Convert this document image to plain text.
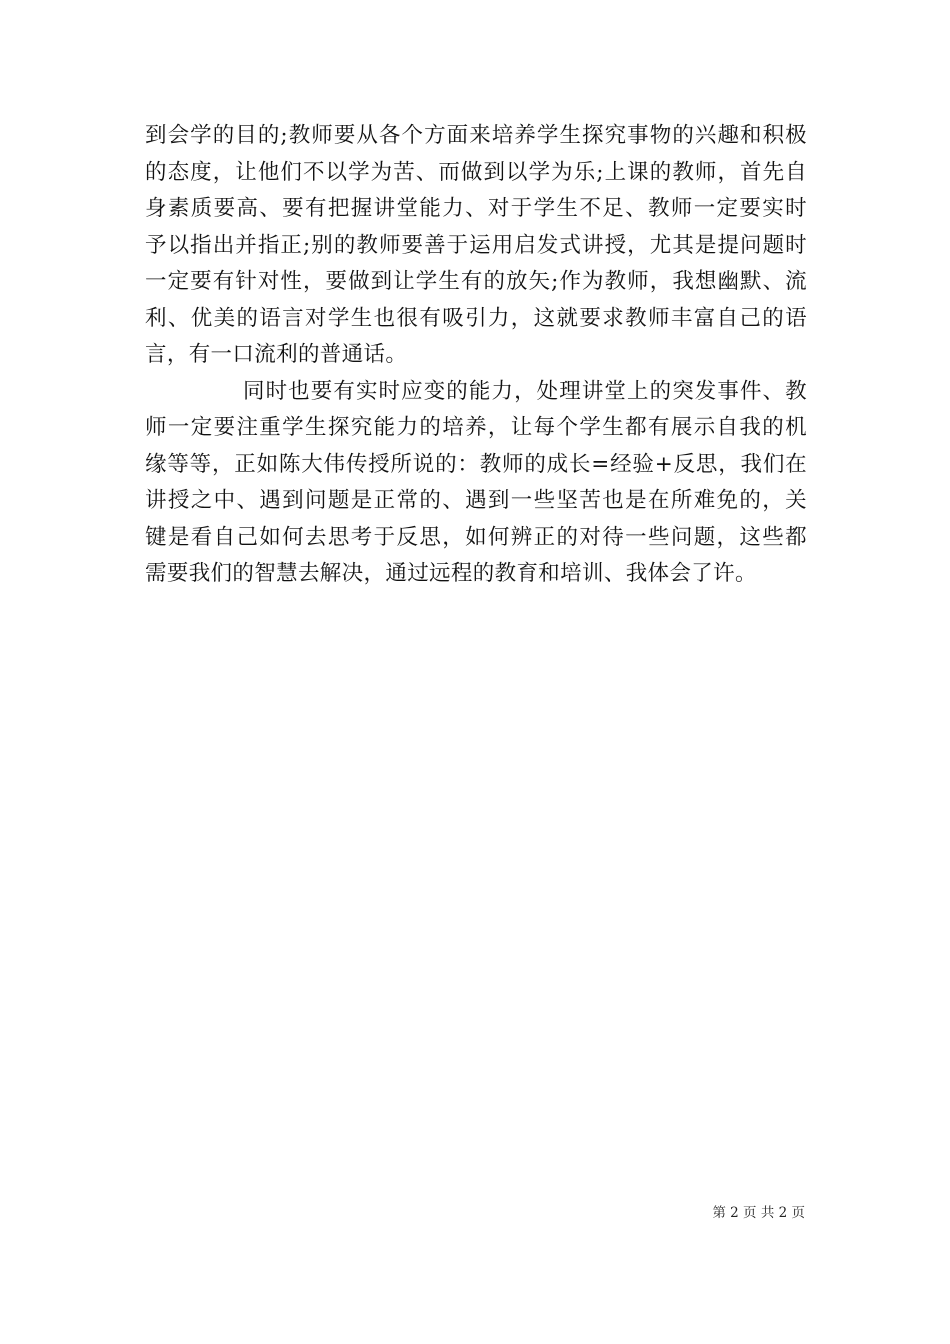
到会学的目的;教师要从各个方面来培养学生探究事物的兴趣和积极
的态度，让他们不以学为苦、而做到以学为乐;上课的教师，首先自
身素质要高、要有把握讲堂能力、对于学生不足、教师一定要实时
予以指出并指正;别的教师要善于运用启发式讲授，尤其是提问题时
一定要有针对性，要做到让学生有的放矢;作为教师，我想幽默、流
利、优美的语言对学生也很有吸引力，这就要求教师丰富自己的语
言，有一口流利的普通话。
同时也要有实时应变的能力，处理讲堂上的突发事件、教
师一定要注重学生探究能力的培养，让每个学生都有展示自我的机
缘等等，正如陈大伟传授所说的：教师的成长=经验+反思，我们在
讲授之中、遇到问题是正常的、遇到一些坚苦也是在所难免的，关
键是看自己如何去思考于反思，如何辨正的对待一些问题，这些都
需要我们的智慧去解决，通过远程的教育和培训、我体会了许。
第 2 页 共 2 页
